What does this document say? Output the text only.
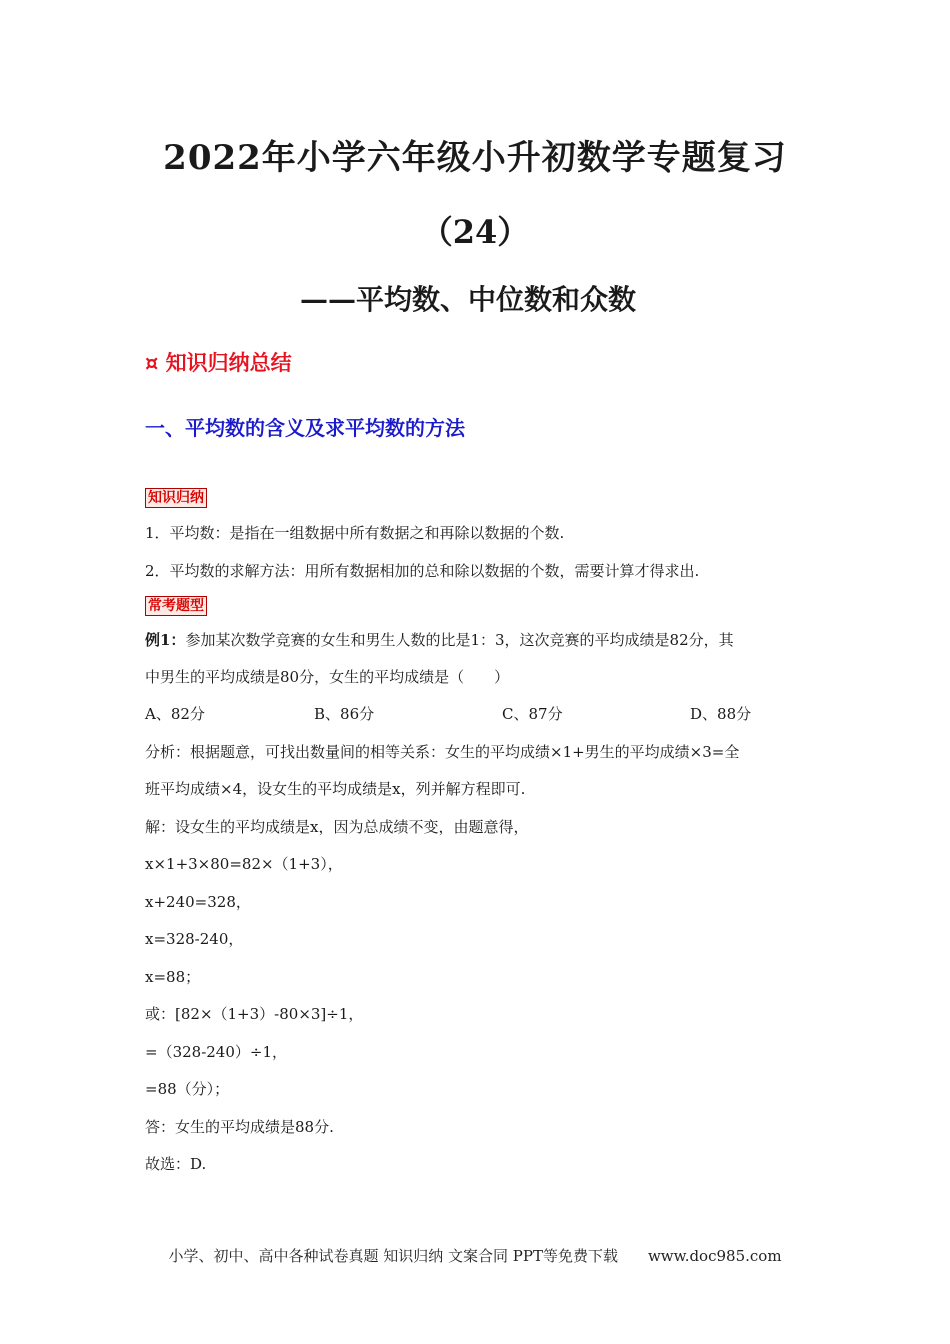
2022年小学六年级小升初数学专题复习
（24）
——平均数、中位数和众数
¤ 知识归纳总结
一、平均数的含义及求平均数的方法
知识归纳
1．平均数：是指在一组数据中所有数据之和再除以数据的个数.
2．平均数的求解方法：用所有数据相加的总和除以数据的个数，需要计算才得求出.
常考题型
例1：参加某次数学竞赛的女生和男生人数的比是1：3，这次竞赛的平均成绩是82分，其
中男生的平均成绩是80分，女生的平均成绩是（　　）
A、82分	B、86分	C、87分	D、88分
分析：根据题意，可找出数量间的相等关系：女生的平均成绩×1+男生的平均成绩×3=全
班平均成绩×4，设女生的平均成绩是x，列并解方程即可.
解：设女生的平均成绩是x，因为总成绩不变，由题意得，
x×1+3×80=82×（1+3），
x+240=328，
x=328-240，
x=88；
或：[82×（1+3）-80×3]÷1，
=（328-240）÷1，
=88（分）；
答：女生的平均成绩是88分.
故选：D.
小学、初中、高中各种试卷真题 知识归纳 文案合同 PPT等免费下载　　www.doc985.com
